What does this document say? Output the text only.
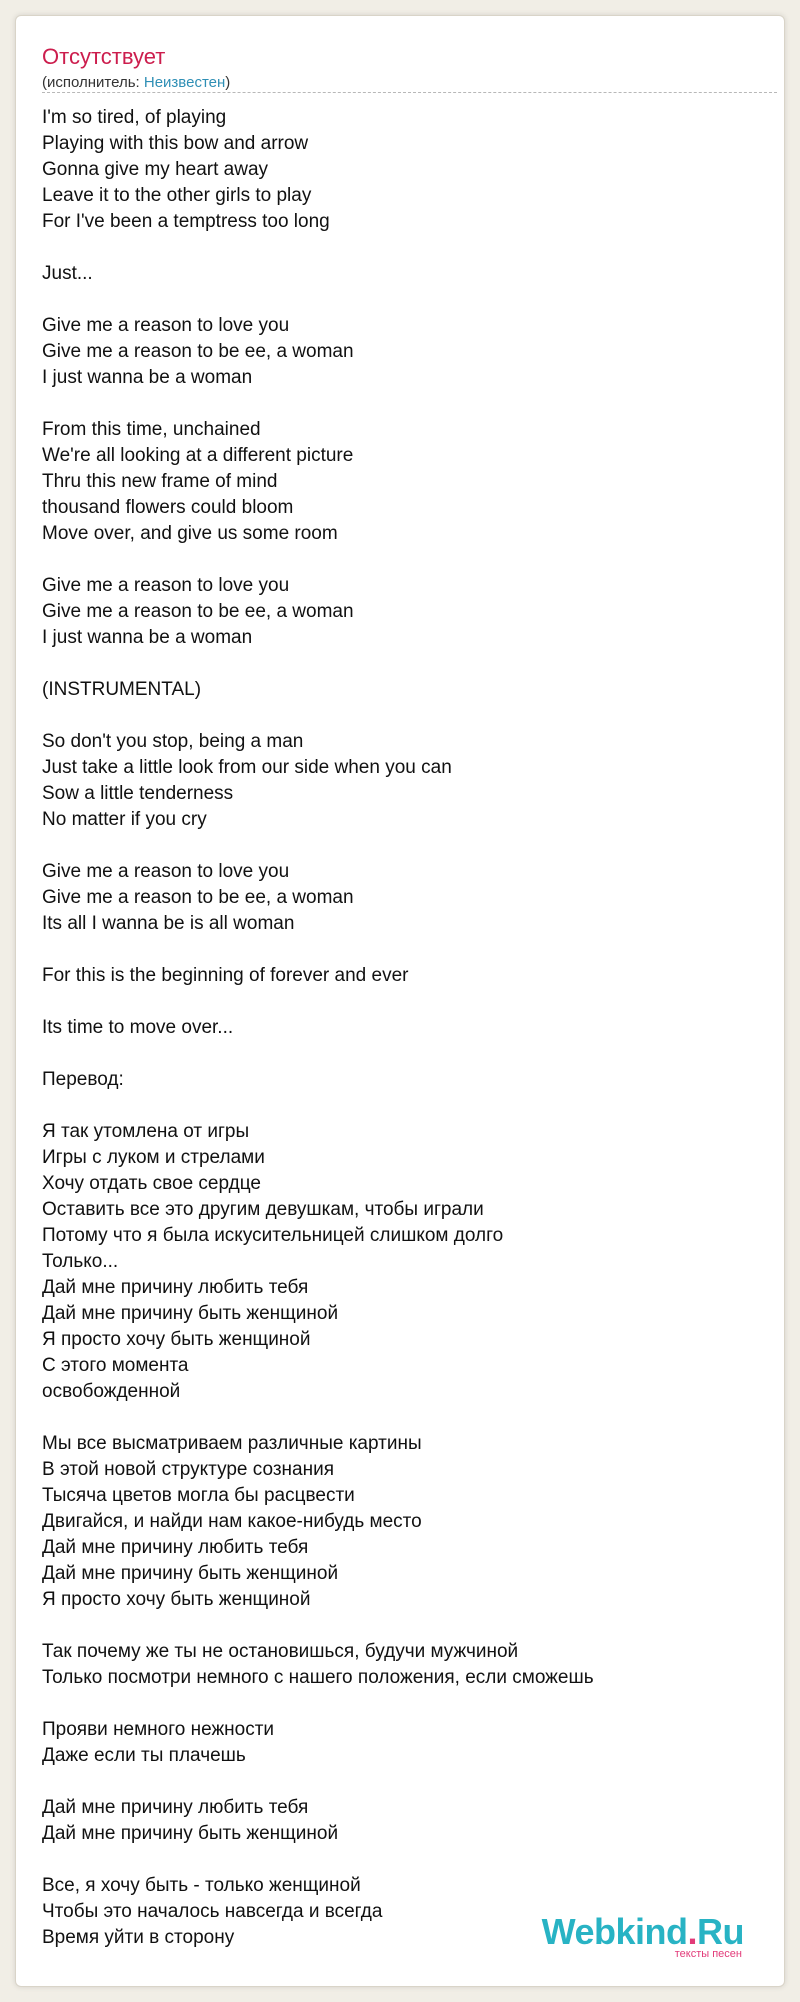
Отсутствует
(исполнитель: Неизвестен)
I'm so tired, of playing
Playing with this bow and arrow
Gonna give my heart away
Leave it to the other girls to play
For I've been a temptress too long
Just...
Give me a reason to love you
Give me a reason to be ee, a woman
I just wanna be a woman
From this time, unchained
We're all looking at a different picture
Thru this new frame of mind
thousand flowers could bloom
Move over, and give us some room
Give me a reason to love you
Give me a reason to be ee, a woman
I just wanna be a woman
(INSTRUMENTAL)
So don't you stop, being a man
Just take a little look from our side when you can
Sow a little tenderness
No matter if you cry
Give me a reason to love you
Give me a reason to be ee, a woman
Its all I wanna be is all woman
For this is the beginning of forever and ever
Its time to move over...
Перевод:
Я так утомлена от игры
Игры с луком и стрелами
Хочу отдать свое сердце
Оставить все это другим девушкам, чтобы играли
Потому что я была искусительницей слишком долго
Только...
Дай мне причину любить тебя
Дай мне причину быть женщиной
Я просто хочу быть женщиной
С этого момента
освобожденной
Мы все высматриваем различные картины
В этой новой структуре сознания
Тысяча цветов могла бы расцвести
Двигайся, и найди нам какое-нибудь место
Дай мне причину любить тебя
Дай мне причину быть женщиной
Я просто хочу быть женщиной
Так почему же ты не остановишься, будучи мужчиной
Только посмотри немного с нашего положения, если сможешь
Прояви немного нежности
Даже если ты плачешь
Дай мне причину любить тебя
Дай мне причину быть женщиной
Все, я хочу быть - только женщиной
Чтобы это началось навсегда и всегда
Время уйти в сторону	Webkind.Ru
тексты песен
